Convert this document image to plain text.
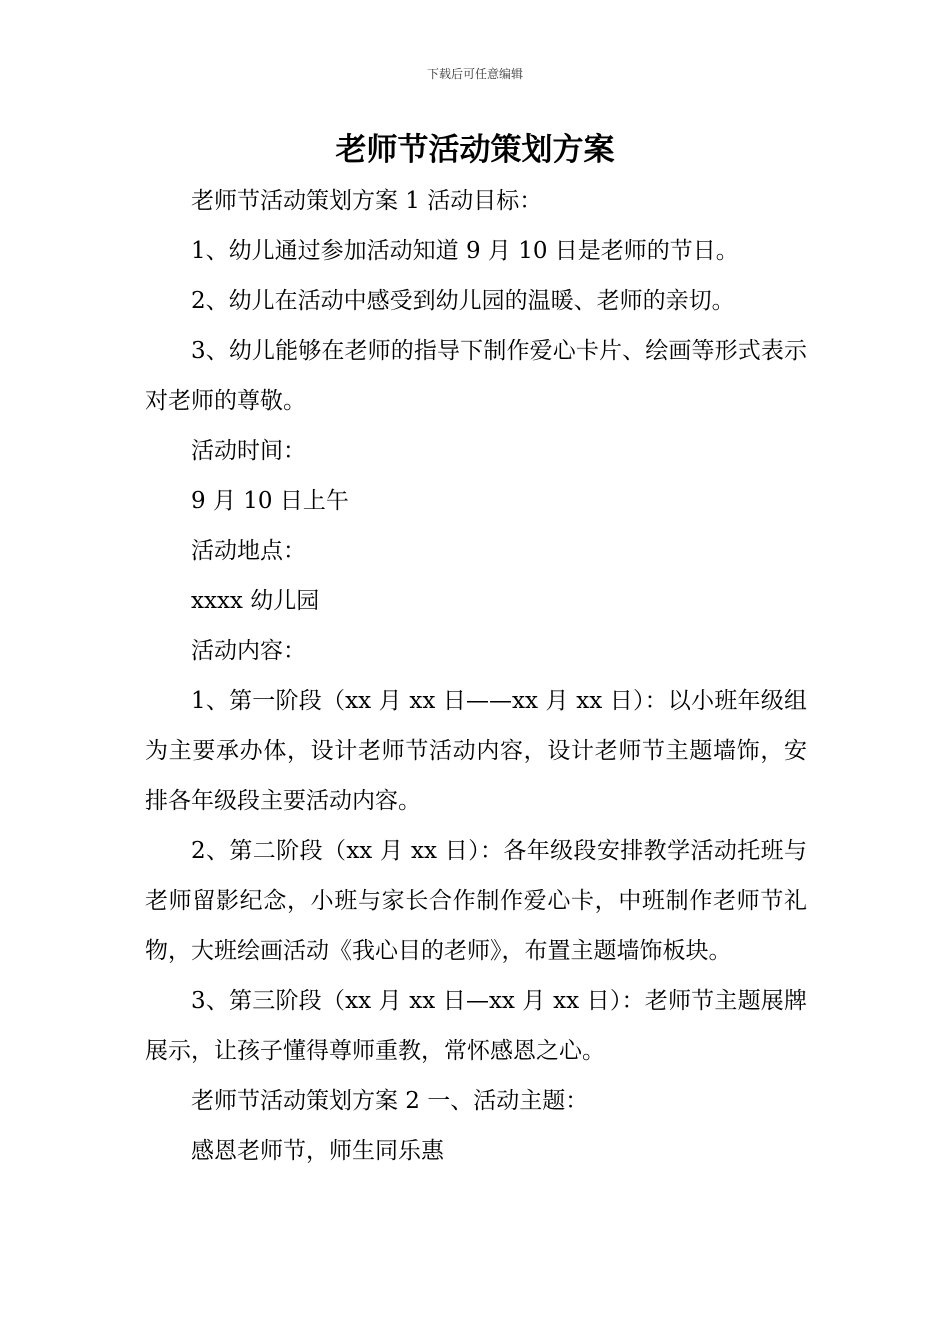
下载后可任意编辑
老师节活动策划方案

老师节活动策划方案 1 活动目标：

1、幼儿通过参加活动知道 9 月 10 日是老师的节日。

2、幼儿在活动中感受到幼儿园的温暖、老师的亲切。

3、幼儿能够在老师的指导下制作爱心卡片、绘画等形式表示对老师的尊敬。

活动时间：

9 月 10 日上午

活动地点：

xxxx 幼儿园

活动内容：

1、第一阶段（xx 月 xx 日——xx 月 xx 日）：以小班年级组为主要承办体，设计老师节活动内容，设计老师节主题墙饰，安排各年级段主要活动内容。

2、第二阶段（xx 月 xx 日）：各年级段安排教学活动托班与老师留影纪念，小班与家长合作制作爱心卡，中班制作老师节礼物，大班绘画活动《我心目的老师》，布置主题墙饰板块。

3、第三阶段（xx 月 xx 日—xx 月 xx 日）：老师节主题展牌展示，让孩子懂得尊师重教，常怀感恩之心。

老师节活动策划方案 2 一、活动主题：

感恩老师节，师生同乐惠
